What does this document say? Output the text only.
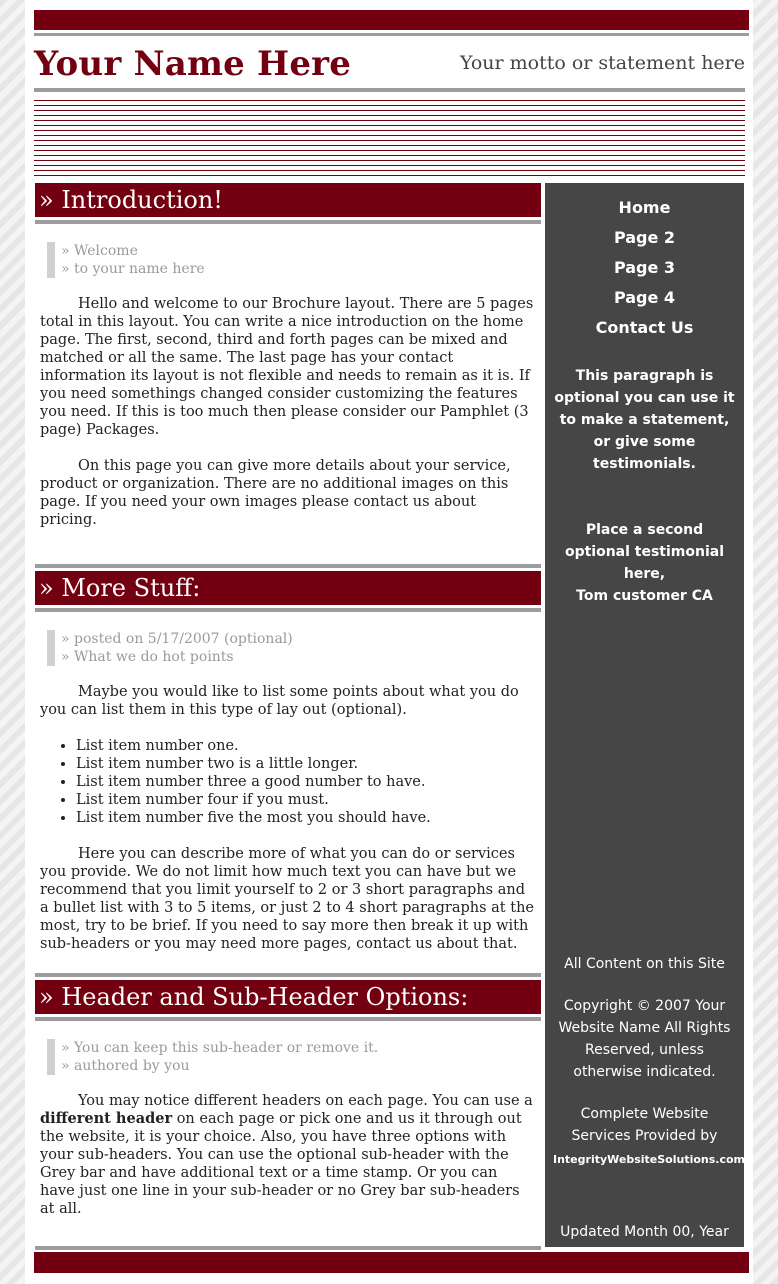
Your Name Here	Your motto or statement here
» Introduction!
» Welcome
» to your name here

Hello and welcome to our Brochure layout. There are 5 pages total in this layout. You can write a nice introduction on the home page. The first, second, third and forth pages can be mixed and matched or all the same. The last page has your contact information its layout is not flexible and needs to remain as it is. If you need somethings changed consider customizing the features you need. If this is too much then please consider our Pamphlet (3 page) Packages.

On this page you can give more details about your service, product or organization. There are no additional images on this page. If you need your own images please contact us about pricing.

» More Stuff:
» posted on 5/17/2007 (optional)
» What we do hot points

Maybe you would like to list some points about what you do you can list them in this type of lay out (optional).

• List item number one.
• List item number two is a little longer.
• List item number three a good number to have.
• List item number four if you must.
• List item number five the most you should have.

Here you can describe more of what you can do or services you provide. We do not limit how much text you can have but we recommend that you limit yourself to 2 or 3 short paragraphs and a bullet list with 3 to 5 items, or just 2 to 4 short paragraphs at the most, try to be brief. If you need to say more then break it up with sub-headers or you may need more pages, contact us about that.

» Header and Sub-Header Options:
» You can keep this sub-header or remove it.
» authored by you

You may notice different headers on each page. You can use a different header on each page or pick one and us it through out the website, it is your choice. Also, you have three options with your sub-headers. You can use the optional sub-header with the Grey bar and have additional text or a time stamp. Or you can have just one line in your sub-header or no Grey bar sub-headers at all.

Home
Page 2
Page 3
Page 4
Contact Us

This paragraph is optional you can use it to make a statement, or give some testimonials.

Place a second optional testimonial here,
Tom customer CA

All Content on this Site

Copyright © 2007 Your Website Name All Rights Reserved, unless otherwise indicated.

Complete Website Services Provided by

IntegrityWebsiteSolutions.com

Updated Month 00, Year
